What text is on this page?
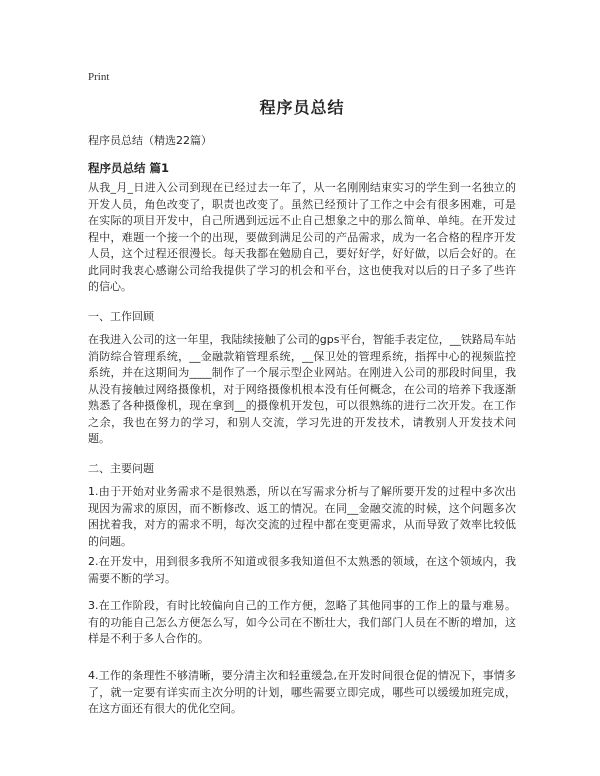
Print
程序员总结
程序员总结（精选22篇）
程序员总结 篇1

从我_月_日进入公司到现在已经过去一年了，从一名刚刚结束实习的学生到一名独立的开发人员，角色改变了，职责也改变了。虽然已经预计了工作之中会有很多困难，可是在实际的项目开发中，自己所遇到远远不止自己想象之中的那么简单、单纯。在开发过程中，难题一个接一个的出现，要做到满足公司的产品需求，成为一名合格的程序开发人员，这个过程还很漫长。每天我都在勉励自己，要好好学，好好做，以后会好的。在此同时我衷心感谢公司给我提供了学习的机会和平台，这也使我对以后的日子多了些许的信心。

一、工作回顾

在我进入公司的这一年里，我陆续接触了公司的gps平台，智能手表定位，__铁路局车站消防综合管理系统，__金融款箱管理系统，__保卫处的管理系统，指挥中心的视频监控系统，并在这期间为____制作了一个展示型企业网站。在刚进入公司的那段时间里，我从没有接触过网络摄像机，对于网络摄像机根本没有任何概念，在公司的培养下我逐渐熟悉了各种摄像机，现在拿到__的摄像机开发包，可以很熟练的进行二次开发。在工作之余，我也在努力的学习，和别人交流，学习先进的开发技术，请教别人开发技术问题。

二、主要问题

1.由于开始对业务需求不是很熟悉，所以在写需求分析与了解所要开发的过程中多次出现因为需求的原因，而不断修改、返工的情况。在同__金融交流的时候，这个问题多次困扰着我，对方的需求不明，每次交流的过程中都在变更需求，从而导致了效率比较低的问题。

2.在开发中，用到很多我所不知道或很多我知道但不太熟悉的领域，在这个领域内，我需要不断的学习。

3.在工作阶段，有时比较偏向自己的工作方便，忽略了其他同事的工作上的量与难易。有的功能自己怎么方便怎么写，如今公司在不断壮大，我们部门人员在不断的增加，这样是不利于多人合作的。

4.工作的条理性不够清晰，要分清主次和轻重缓急,在开发时间很仓促的情况下，事情多了，就一定要有详实而主次分明的计划，哪些需要立即完成，哪些可以缓缓加班完成，在这方面还有很大的优化空间。
